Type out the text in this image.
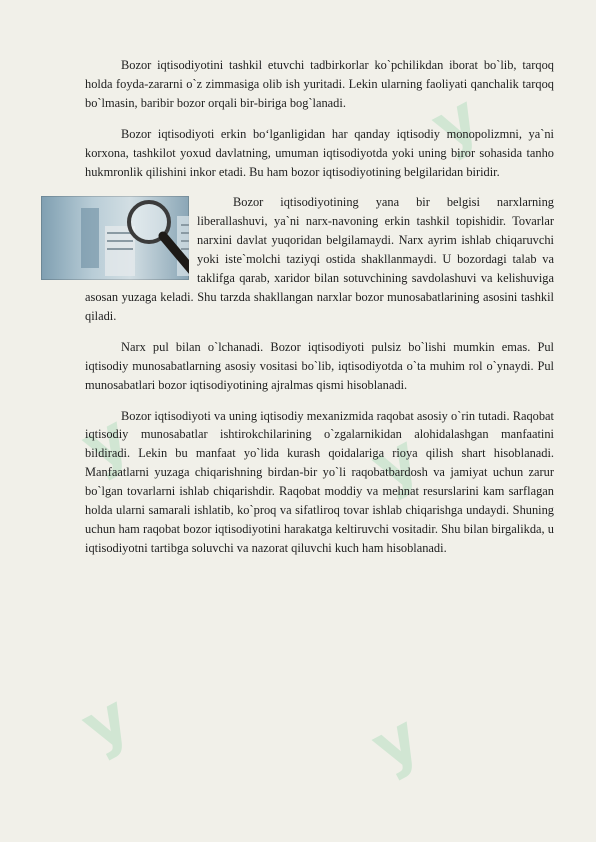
y
y
y
y
y

Bozor iqtisodiyotini tashkil etuvchi tadbirkorlar ko`pchilikdan iborat bo`lib, tarqoq holda foyda-zararni o`z zimmasiga olib ish yuritadi. Lekin ularning faoliyati qanchalik tarqoq bo`lmasin, baribir bozor orqali bir-biriga bog`lanadi.

Bozor iqtisodiyoti erkin bo‘lganligidan har qanday iqtisodiy monopolizmni, ya`ni korxona, tashkilot yoxud davlatning, umuman iqtisodiyotda yoki uning biror sohasida tanho hukmronlik qilishini inkor etadi. Bu ham bozor iqtisodiyotining belgilaridan biridir.

Bozor iqtisodiyotining yana bir belgisi narxlarning liberallashuvi, ya`ni narx-navoning erkin tashkil topishidir. Tovarlar narxini davlat yuqoridan belgilamaydi. Narx ayrim ishlab chiqaruvchi yoki iste`molchi taziyqi ostida shakllanmaydi. U bozordagi talab va taklifga qarab, xaridor bilan sotuvchining savdolashuvi va kelishuviga asosan yuzaga keladi. Shu tarzda shakllangan narxlar bozor munosabatlarining asosini tashkil qiladi.

Narx pul bilan o`lchanadi. Bozor iqtisodiyoti pulsiz bo`lishi mumkin emas. Pul iqtisodiy munosabatlarning asosiy vositasi bo`lib, iqtisodiyotda o`ta muhim rol o`ynaydi. Pul munosabatlari bozor iqtisodiyotining ajralmas qismi hisoblanadi.

Bozor iqtisodiyoti va uning iqtisodiy mexanizmida raqobat asosiy o`rin tutadi. Raqobat iqtisodiy munosabatlar ishtirokchilarining o`zgalarnikidan alohidalashgan manfaatini bildiradi. Lekin bu manfaat yo`lida kurash qoidalariga rioya qilish shart hisoblanadi. Manfaatlarni yuzaga chiqarishning birdan-bir yo`li raqobatbardosh va jamiyat uchun zarur bo`lgan tovarlarni ishlab chiqarishdir. Raqobat moddiy va mehnat resurslarini kam sarflagan holda ularni samarali ishlatib, ko`proq va sifatliroq tovar ishlab chiqarishga undaydi. Shuning uchun ham raqobat bozor iqtisodiyotini harakatga keltiruvchi vositadir. Shu bilan birgalikda, u iqtisodiyotni tartibga soluvchi va nazorat qiluvchi kuch ham hisoblanadi.
